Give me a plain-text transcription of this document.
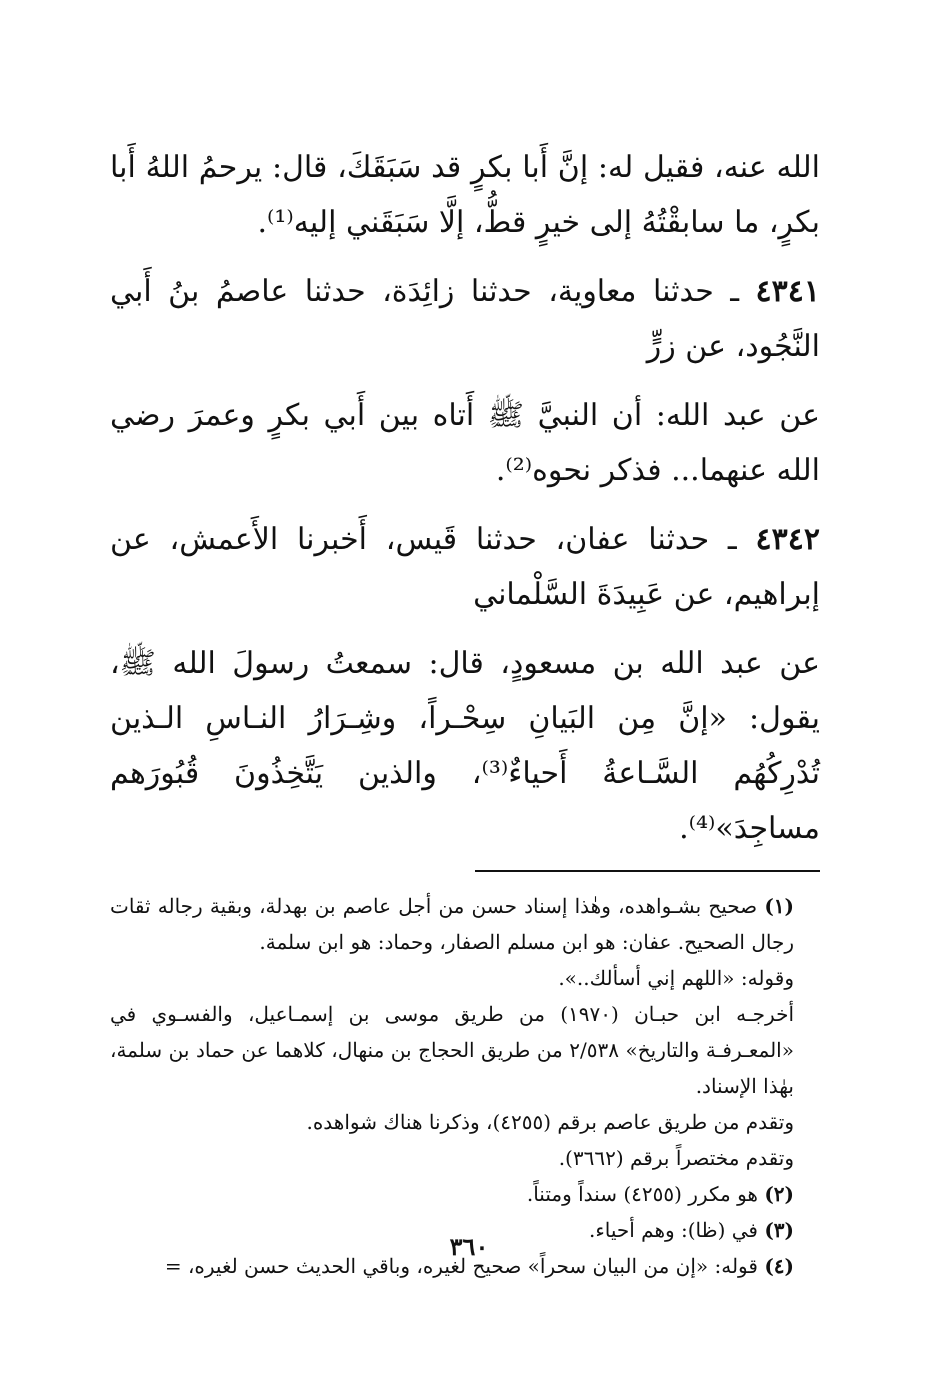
الله عنه، فقيل له: إنَّ أَبا بكرٍ قد سَبَقَكَ، قال: يرحمُ اللهُ أَبا بكرٍ، ما سابقْتُهُ إلى خيرٍ قطُّ، إلَّا سَبَقَني إليه⁽¹⁾.

٤٣٤١ ـ حدثنا معاوية، حدثنا زائِدَة، حدثنا عاصمُ بنُ أَبي النَّجُود، عن زرٍّ

عن عبد الله: أن النبيَّ ﷺ أَتاه بين أَبي بكرٍ وعمرَ رضي الله عنهما... فذكر نحوه⁽²⁾.

٤٣٤٢ ـ حدثنا عفان، حدثنا قَيس، أَخبرنا الأَعمش، عن إبراهيم، عن عَبِيدَةَ السَّلْماني

عن عبد الله بن مسعودٍ، قال: سمعتُ رسولَ الله ﷺ، يقول: «إنَّ مِن البَيانِ سِحْـراً، وشِـرَارُ النـاسِ الـذين تُدْرِكُهُم السَّـاعةُ أَحياءٌ⁽³⁾، والذين يَتَّخِذُونَ قُبُورَهم مساجِدَ»⁽⁴⁾.

(١) صحيح بشـواهده، وهٰذا إسناد حسن من أجل عاصم بن بهدلة، وبقية رجاله ثقات رجال الصحيح. عفان: هو ابن مسلم الصفار، وحماد: هو ابن سلمة.

وقوله: «اللهم إني أسألك..».

أخرجـه ابن حبـان (١٩٧٠) من طريق موسى بن إسمـاعيل، والفسـوي في «المعـرفـة والتاريخ» ٢/٥٣٨ من طريق الحجاج بن منهال، كلاهما عن حماد بن سلمة، بهٰذا الإسناد.

وتقدم من طريق عاصم برقم (٤٢٥٥)، وذكرنا هناك شواهده.

وتقدم مختصراً برقم (٣٦٦٢).

(٢) هو مكرر (٤٢٥٥) سنداً ومتناً.

(٣) في (ظا): وهم أحياء.

(٤) قوله: «إن من البيان سحراً» صحيح لغيره، وباقي الحديث حسن لغيره، =

٣٦٠
